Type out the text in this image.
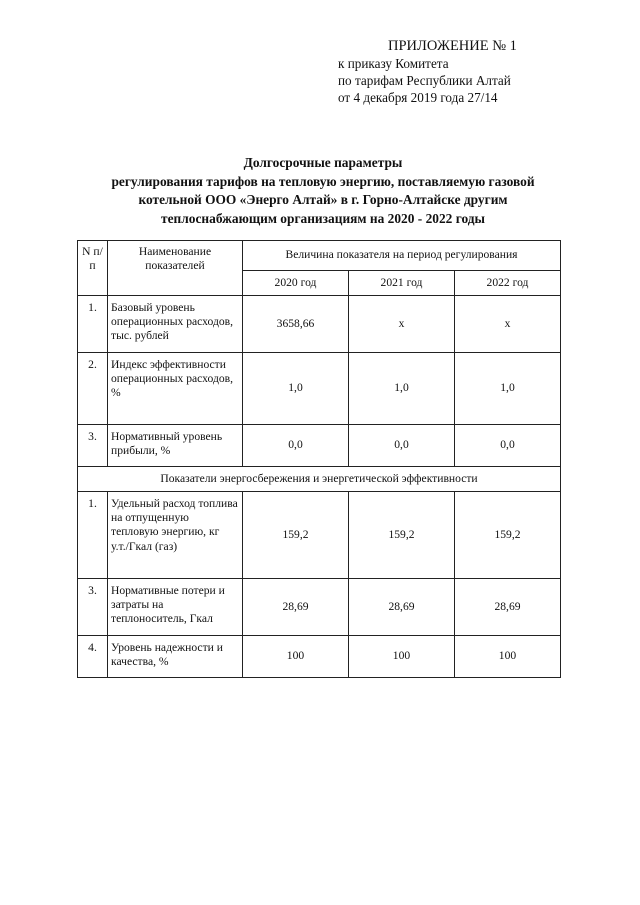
ПРИЛОЖЕНИЕ № 1
к приказу Комитета
по тарифам Республики Алтай
от 4 декабря 2019 года 27/14
Долгосрочные параметры
регулирования тарифов на тепловую энергию, поставляемую газовой
котельной ООО «Энерго Алтай» в г. Горно-Алтайске другим
теплоснабжающим организациям на 2020 - 2022 годы
N п/п	Наименование показателей	Величина показателя на период регулирования		
		2020 год	2021 год	2022 год
1.	Базовый уровень операционных расходов, тыс. рублей	3658,66	x	x
2.	Индекс эффективности операционных расходов, %	1,0	1,0	1,0
3.	Нормативный уровень прибыли, %	0,0	0,0	0,0
Показатели энергосбережения и энергетической эффективности				
1.	Удельный расход топлива на отпущенную тепловую энергию, кг у.т./Гкал (газ)	159,2	159,2	159,2
3.	Нормативные потери и затраты на теплоноситель, Гкал	28,69	28,69	28,69
4.	Уровень надежности и качества, %	100	100	100
